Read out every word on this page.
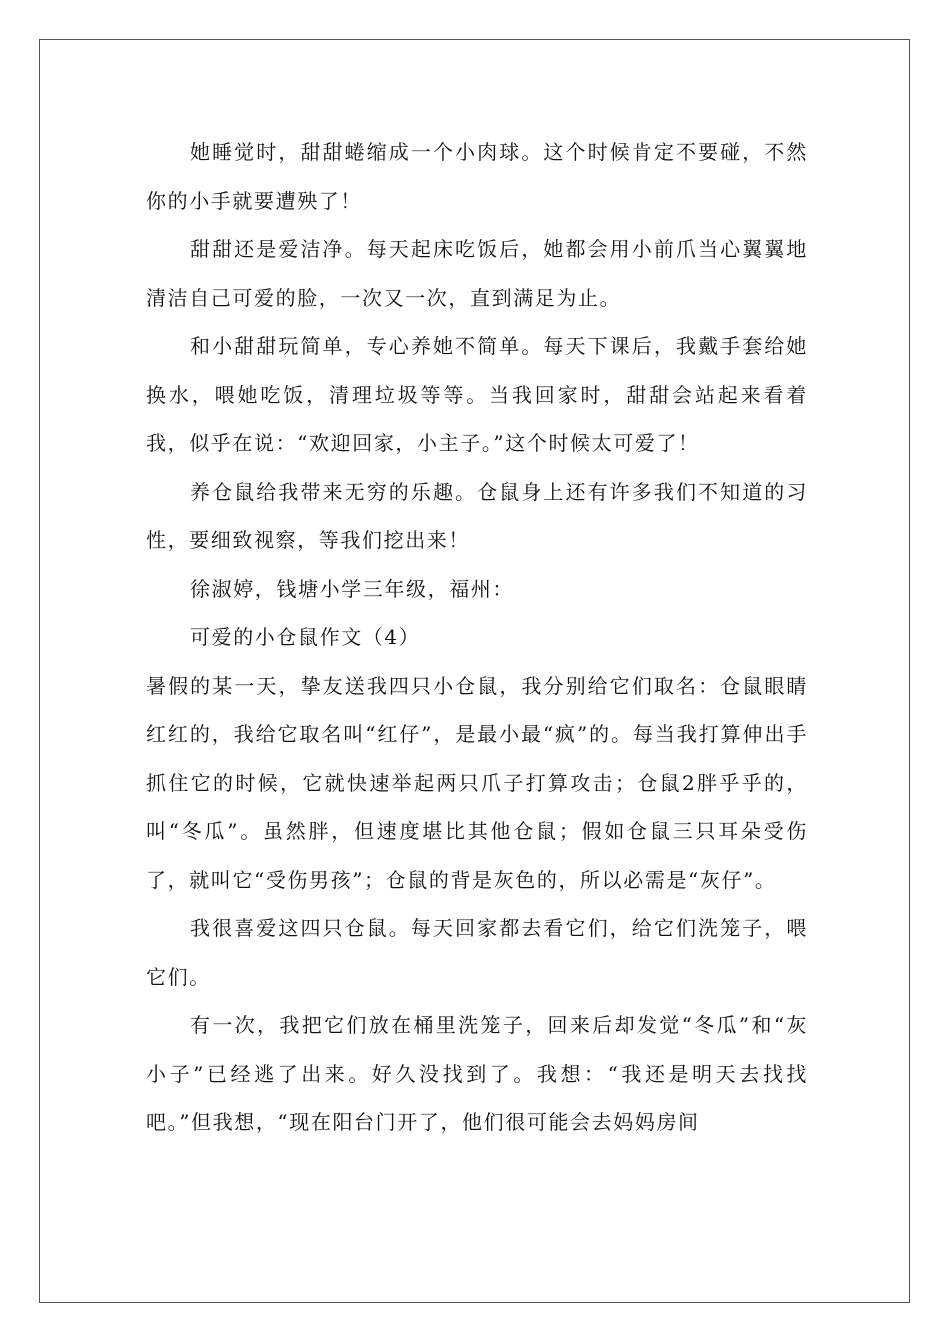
她睡觉时，甜甜蜷缩成一个小肉球。这个时候肯定不要碰，不然你的小手就要遭殃了！

甜甜还是爱洁净。每天起床吃饭后，她都会用小前爪当心翼翼地清洁自己可爱的脸，一次又一次，直到满足为止。

和小甜甜玩简单，专心养她不简单。每天下课后，我戴手套给她换水，喂她吃饭，清理垃圾等等。当我回家时，甜甜会站起来看着我，似乎在说：“欢迎回家，小主子。”这个时候太可爱了！

养仓鼠给我带来无穷的乐趣。仓鼠身上还有许多我们不知道的习性，要细致视察，等我们挖出来！

徐淑婷，钱塘小学三年级，福州：

可爱的小仓鼠作文（4）

暑假的某一天，挚友送我四只小仓鼠，我分别给它们取名：仓鼠眼睛红红的，我给它取名叫“红仔”，是最小最“疯”的。每当我打算伸出手抓住它的时候，它就快速举起两只爪子打算攻击；仓鼠2胖乎乎的，叫“冬瓜”。虽然胖，但速度堪比其他仓鼠；假如仓鼠三只耳朵受伤了，就叫它“受伤男孩”；仓鼠的背是灰色的，所以必需是“灰仔”。

我很喜爱这四只仓鼠。每天回家都去看它们，给它们洗笼子，喂它们。

有一次，我把它们放在桶里洗笼子，回来后却发觉“冬瓜”和“灰小子”已经逃了出来。好久没找到了。我想：“我还是明天去找找吧。”但我想，“现在阳台门开了，他们很可能会去妈妈房间
